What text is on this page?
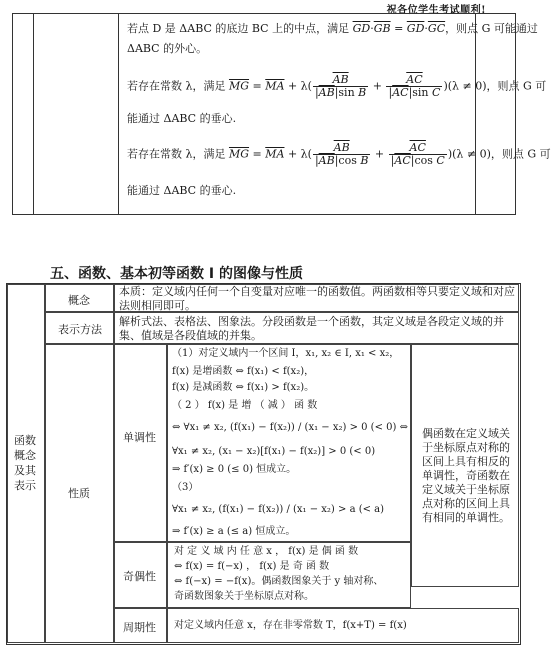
祝各位学生考试顺利!
若点 D 是 ΔABC 的底边 BC 上的中点，满足 $\overline{GD}\cdot\overline{GB} = \overline{GD}\cdot\overline{GC}$，则点 G 可能通过
ΔABC 的外心。
若存在常数 λ，满足 $\overline{MG} = \overline{MA} + \lambda( \frac{\overline{AB}}{|\overline{AB}|\sin B} + \frac{\overline{AC}}{|\overline{AC}|\sin C} )(\lambda \ne 0)$，则点 G 可
能通过 ΔABC 的垂心.
若存在常数 λ，满足 $\overline{MG} = \overline{MA} + \lambda( \frac{\overline{AB}}{|\overline{AB}|\cos B} + \frac{\overline{AC}}{|\overline{AC}|\cos C} )(\lambda \ne 0)$，则点 G 可
能通过 ΔABC 的垂心.
五、函数、基本初等函数 I 的图像与性质
函数概念及其表示
概念
本质：定义域内任何一个自变量对应唯一的函数值。两函数相等只要定义域和对应法则相同即可。
表示方法
解析式法、表格法、图象法。分段函数是一个函数，其定义域是各段定义域的并集、值域是各段值域的并集。
性质
单调性
（1）对定义域内一个区间 I，x₁, x₂ ∈ I, x₁ < x₂，
f(x) 是增函数 ⇔ f(x₁) < f(x₂)，
f(x) 是减函数 ⇔ f(x₁) > f(x₂)。
（ 2 ） f(x) 是 增 （ 减 ） 函 数
⇔ ∀x₁ ≠ x₂, (f(x₁) − f(x₂)) / (x₁ − x₂) > 0 (< 0) ⇔
∀x₁ ≠ x₂, (x₁ − x₂)[f(x₁) − f(x₂)] > 0 (< 0)
⇒ f′(x) ≥ 0 (≤ 0) 恒成立。
（3）
∀x₁ ≠ x₂, (f(x₁) − f(x₂)) / (x₁ − x₂) > a (< a)
⇒ f′(x) ≥ a (≤ a) 恒成立。
偶函数在定义域关于坐标原点对称的区间上具有相反的单调性，奇函数在定义域关于坐标原点对称的区间上具有相同的单调性。
奇偶性
对 定 义 域 内 任 意 x ， f(x) 是 偶 函 数
⇔ f(x) = f(−x) ， f(x) 是 奇 函 数
⇔ f(−x) = −f(x)。偶函数图象关于 y 轴对称、
奇函数图象关于坐标原点对称。
周期性 对定义域内任意 x，存在非零常数 T，f(x+T) = f(x)
